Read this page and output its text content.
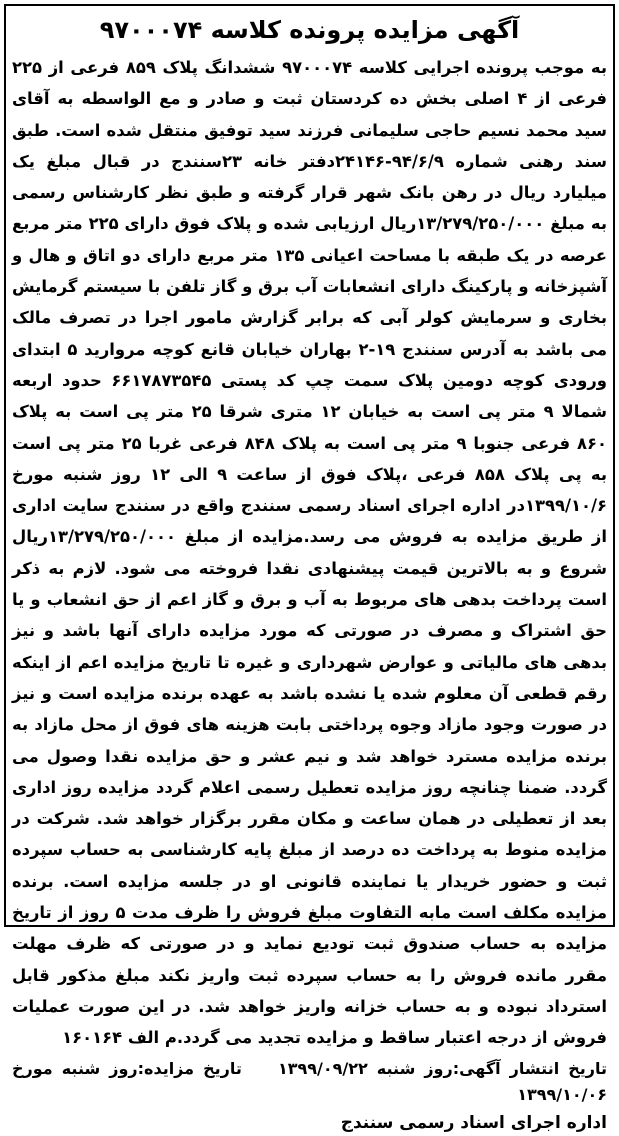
آگهی مزایده پرونده کلاسه ۹۷۰۰۰۷۴

به موجب پرونده اجرایی کلاسه ۹۷۰۰۰۷۴ ششدانگ پلاک ۸۵۹ فرعی از ۲۲۵ فرعی از ۴ اصلی بخش ده کردستان ثبت و صادر و مع الواسطه به آقای سید محمد نسیم حاجی سلیمانی فرزند سید توفیق منتقل شده است. طبق سند رهنی شماره ۹۴/۶/۹-۲۴۱۴۶دفتر خانه ۲۳سنندج در قبال مبلغ یک میلیارد ریال در رهن بانک شهر قرار گرفته و طبق نظر کارشناس رسمی به مبلغ ۱۳/۲۷۹/۲۵۰/۰۰۰ریال ارزیابی شده و پلاک فوق دارای ۲۲۵ متر مربع عرصه در یک طبقه با مساحت اعیانی ۱۳۵ متر مربع دارای دو اتاق و هال و آشپزخانه و پارکینگ دارای انشعابات آب برق و گاز تلفن با سیستم گرمایش بخاری و سرمایش کولر آبی که برابر گزارش مامور اجرا در تصرف مالک می باشد به آدرس سنندج ۱۹-۲ بهاران خیابان قانع کوچه مروارید ۵ ابتدای ورودی کوچه دومین پلاک سمت چپ کد پستی ۶۶۱۷۸۷۳۵۴۵ حدود اربعه شمالا ۹ متر پی است به خیابان ۱۲ متری شرقا ۲۵ متر پی است به پلاک ۸۶۰ فرعی جنوبا ۹ متر پی است به پلاک ۸۴۸ فرعی غربا ۲۵ متر پی است به پی پلاک ۸۵۸ فرعی ،پلاک فوق از ساعت ۹ الی ۱۲ روز شنبه مورخ ۱۳۹۹/۱۰/۶در اداره اجرای اسناد رسمی سنندج واقع در سنندج سایت اداری از طریق مزایده به فروش می رسد.مزایده از مبلغ ۱۳/۲۷۹/۲۵۰/۰۰۰ریال شروع و به بالاترین قیمت پیشنهادی نقدا فروخته می شود. لازم به ذکر است پرداخت بدهی های مربوط به آب و برق و گاز اعم از حق انشعاب و یا حق اشتراک و مصرف در صورتی که مورد مزایده دارای آنها باشد و نیز بدهی های مالیاتی و عوارض شهرداری و غیره تا تاریخ مزایده اعم از اینکه رقم قطعی آن معلوم شده یا نشده باشد به عهده برنده مزایده است و نیز در صورت وجود مازاد وجوه پرداختی بابت هزینه های فوق از محل مازاد به برنده مزایده مسترد خواهد شد و نیم عشر و حق مزایده نقدا وصول می گردد. ضمنا چنانچه روز مزایده تعطیل رسمی اعلام گردد مزایده روز اداری بعد از تعطیلی در همان ساعت و مکان مقرر برگزار خواهد شد. شرکت در مزایده منوط به پرداخت ده درصد از مبلغ پایه کارشناسی به حساب سپرده ثبت و حضور خریدار یا نماینده قانونی او در جلسه مزایده است. برنده مزایده مکلف است مابه التفاوت مبلغ فروش را ظرف مدت ۵ روز از تاریخ مزایده به حساب صندوق ثبت تودیع نماید و در صورتی که ظرف مهلت مقرر مانده فروش را به حساب سپرده ثبت واریز نکند مبلغ مذکور قابل استرداد نبوده و به حساب خزانه واریز خواهد شد. در این صورت عملیات فروش از درجه اعتبار ساقط و مزایده تجدید می گردد.م الف ۱۶۰۱۶۴

تاریخ انتشار آگهی:روز شنبه ۱۳۹۹/۰۹/۲۲    تاریخ مزایده:روز شنبه مورخ ۱۳۹۹/۱۰/۰۶
اداره اجرای اسناد رسمی سنندج
